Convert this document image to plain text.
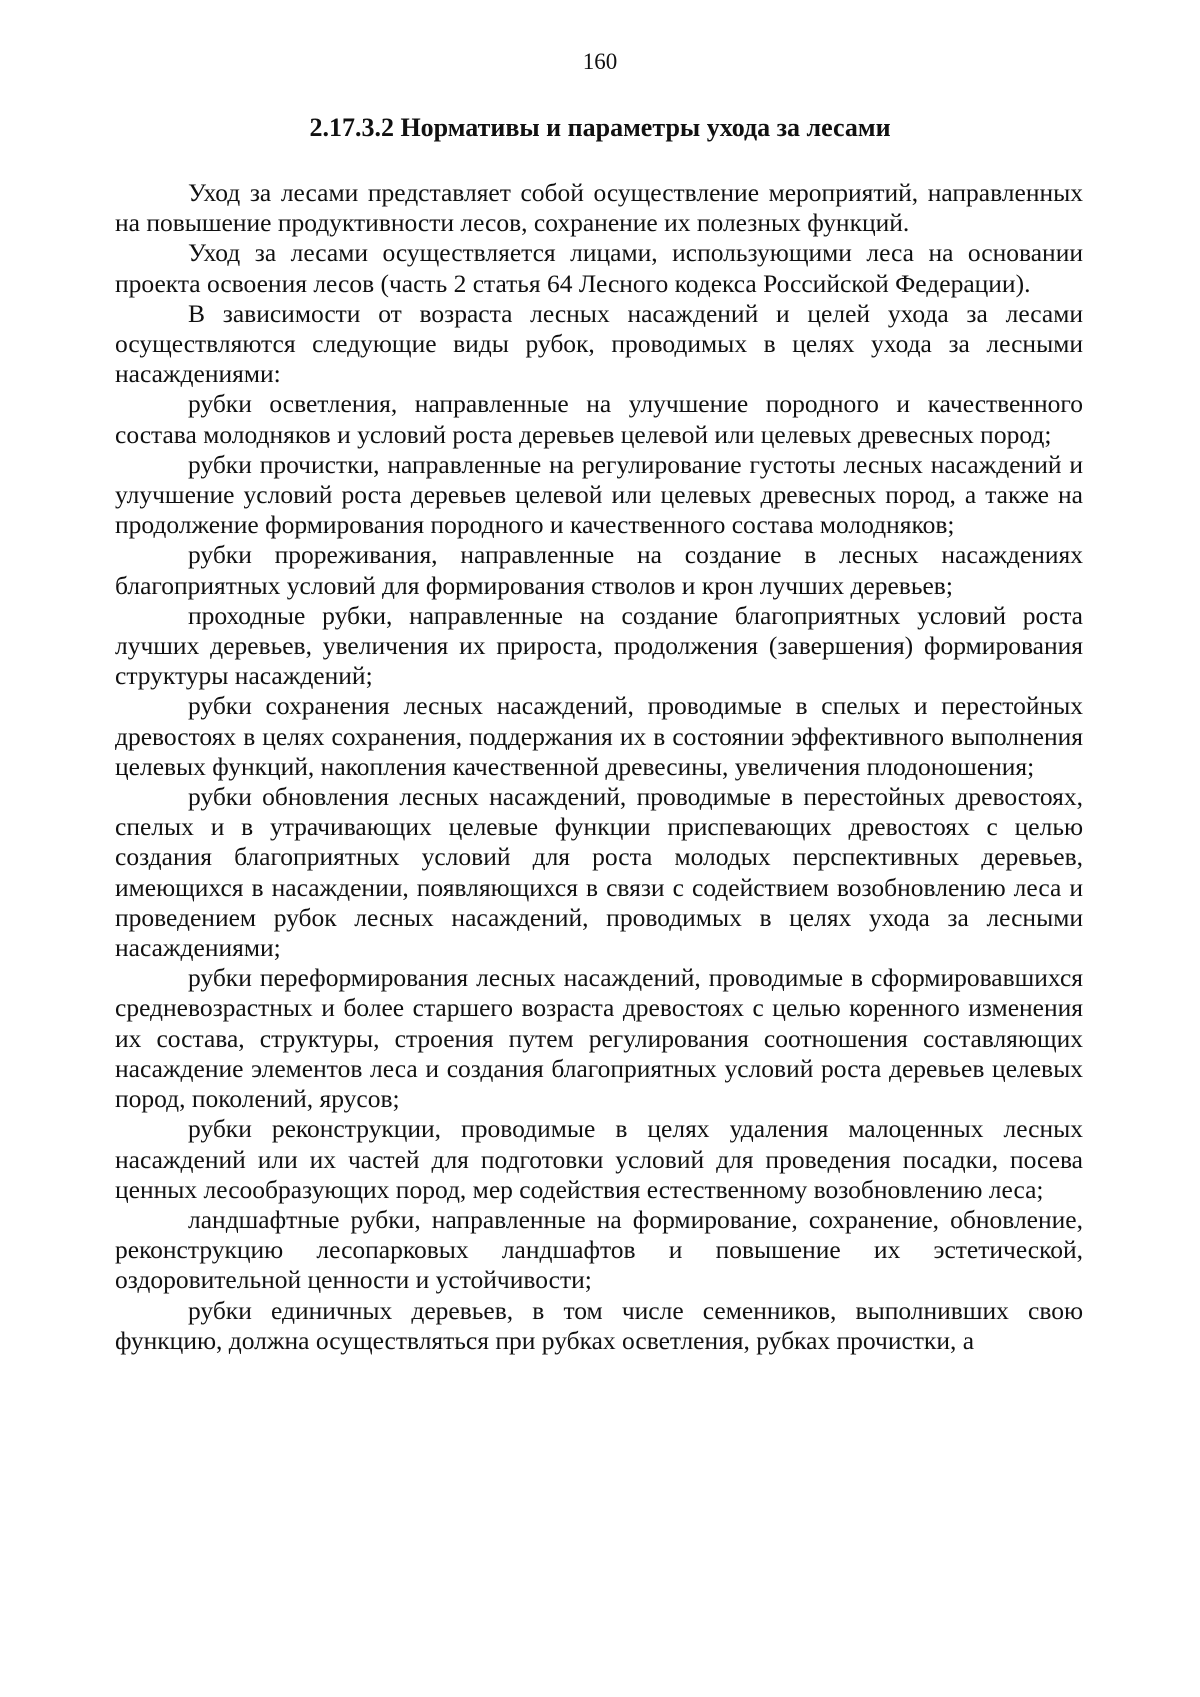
160
2.17.3.2 Нормативы и параметры ухода за лесами

Уход за лесами представляет собой осуществление мероприятий, направленных на повышение продуктивности лесов, сохранение их полезных функций.

Уход за лесами осуществляется лицами, использующими леса на основании проекта освоения лесов (часть 2 статья 64 Лесного кодекса Российской Федерации).

В зависимости от возраста лесных насаждений и целей ухода за лесами осуществляются следующие виды рубок, проводимых в целях ухода за лесными насаждениями:

рубки осветления, направленные на улучшение породного и качественного состава молодняков и условий роста деревьев целевой или целевых древесных пород;

рубки прочистки, направленные на регулирование густоты лесных насаждений и улучшение условий роста деревьев целевой или целевых древесных пород, а также на продолжение формирования породного и качественного состава молодняков;

рубки прореживания, направленные на создание в лесных насаждениях благоприятных условий для формирования стволов и крон лучших деревьев;

проходные рубки, направленные на создание благоприятных условий роста лучших деревьев, увеличения их прироста, продолжения (завершения) формирования структуры насаждений;

рубки сохранения лесных насаждений, проводимые в спелых и перестойных древостоях в целях сохранения, поддержания их в состоянии эффективного выполнения целевых функций, накопления качественной древесины, увеличения плодоношения;

рубки обновления лесных насаждений, проводимые в перестойных древостоях, спелых и в утрачивающих целевые функции приспевающих древостоях с целью создания благоприятных условий для роста молодых перспективных деревьев, имеющихся в насаждении, появляющихся в связи с содействием возобновлению леса и проведением рубок лесных насаждений, проводимых в целях ухода за лесными насаждениями;

рубки переформирования лесных насаждений, проводимые в сформировавшихся средневозрастных и более старшего возраста древостоях с целью коренного изменения их состава, структуры, строения путем регулирования соотношения составляющих насаждение элементов леса и создания благоприятных условий роста деревьев целевых пород, поколений, ярусов;

рубки реконструкции, проводимые в целях удаления малоценных лесных насаждений или их частей для подготовки условий для проведения посадки, посева ценных лесообразующих пород, мер содействия естественному возобновлению леса;

ландшафтные рубки, направленные на формирование, сохранение, обновление, реконструкцию лесопарковых ландшафтов и повышение их эстетической, оздоровительной ценности и устойчивости;

рубки единичных деревьев, в том числе семенников, выполнивших свою функцию, должна осуществляться при рубках осветления, рубках прочистки, а
